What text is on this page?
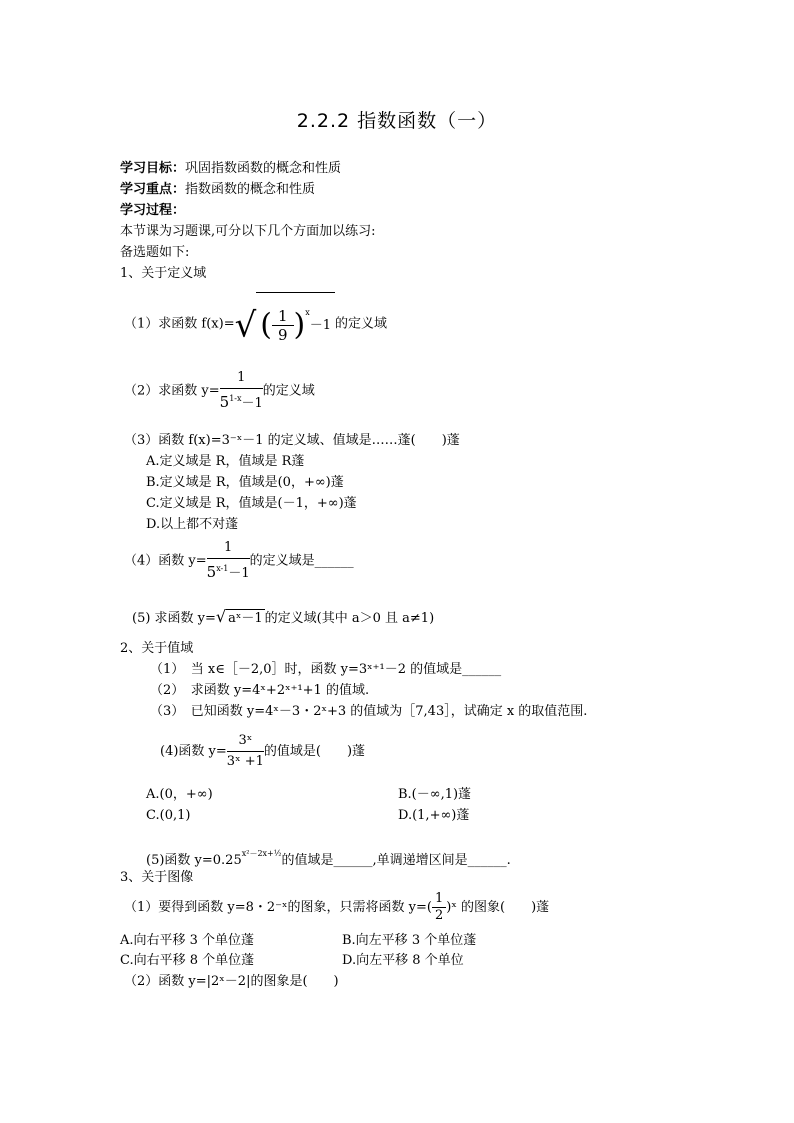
2.2.2 指数函数（一）
学习目标：巩固指数函数的概念和性质
学习重点：指数函数的概念和性质
学习过程：
本节课为习题课,可分以下几个方面加以练习:
备选题如下:
1、关于定义域
（1）求函数 f(x)=√ ( $\frac{1}{9} )^x-1$ 的定义域
（2）求函数 $y= \frac{1}{5^{1-x}-1}$ 的定义域
（3）函数 f(x)=3⁻ˣ－1 的定义域、值域是……蓬(　　)蓬
A.定义域是 R，值域是 R蓬
B.定义域是 R，值域是(0，+∞)蓬
C.定义域是 R，值域是(－1，+∞)蓬
D.以上都不对蓬
（4）函数 $y= \frac{1}{5^{x-1}-1}$ 的定义域是______
(5) 求函数 y=√ aˣ－1 的定义域(其中 a＞0 且 a≠1)
2、关于值域
（1）　当 x∈［－2,0］时，函数 y=3ˣ⁺¹－2 的值域是______
（2）　求函数 y=4ˣ+2ˣ⁺¹+1 的值域.
（3）　已知函数 y=4ˣ－3・2ˣ+3 的值域为［7,43］，试确定 x 的取值范围.
(4)函数 $y= \frac{\text{3ˣ}}{\text{3ˣ +1}}$ 的值域是(　　)蓬
A.(0，+∞)	B.(－∞,1)蓬
C.(0,1)	D.(1,+∞)蓬
(5)函数 $y=0.25^{x^2-2x+\frac{1}{2}}$的值域是______,单调递增区间是______.
3、关于图像
（1）要得到函数 y=8・2⁻ˣ的图象，只需将函数 $y=( \frac{1}{2}$ )ˣ 的图象(　　)蓬
A.向右平移 3 个单位蓬	B.向左平移 3 个单位蓬
C.向右平移 8 个单位蓬	D.向左平移 8 个单位
（2）函数 y=|2ˣ－2|的图象是(　　)
